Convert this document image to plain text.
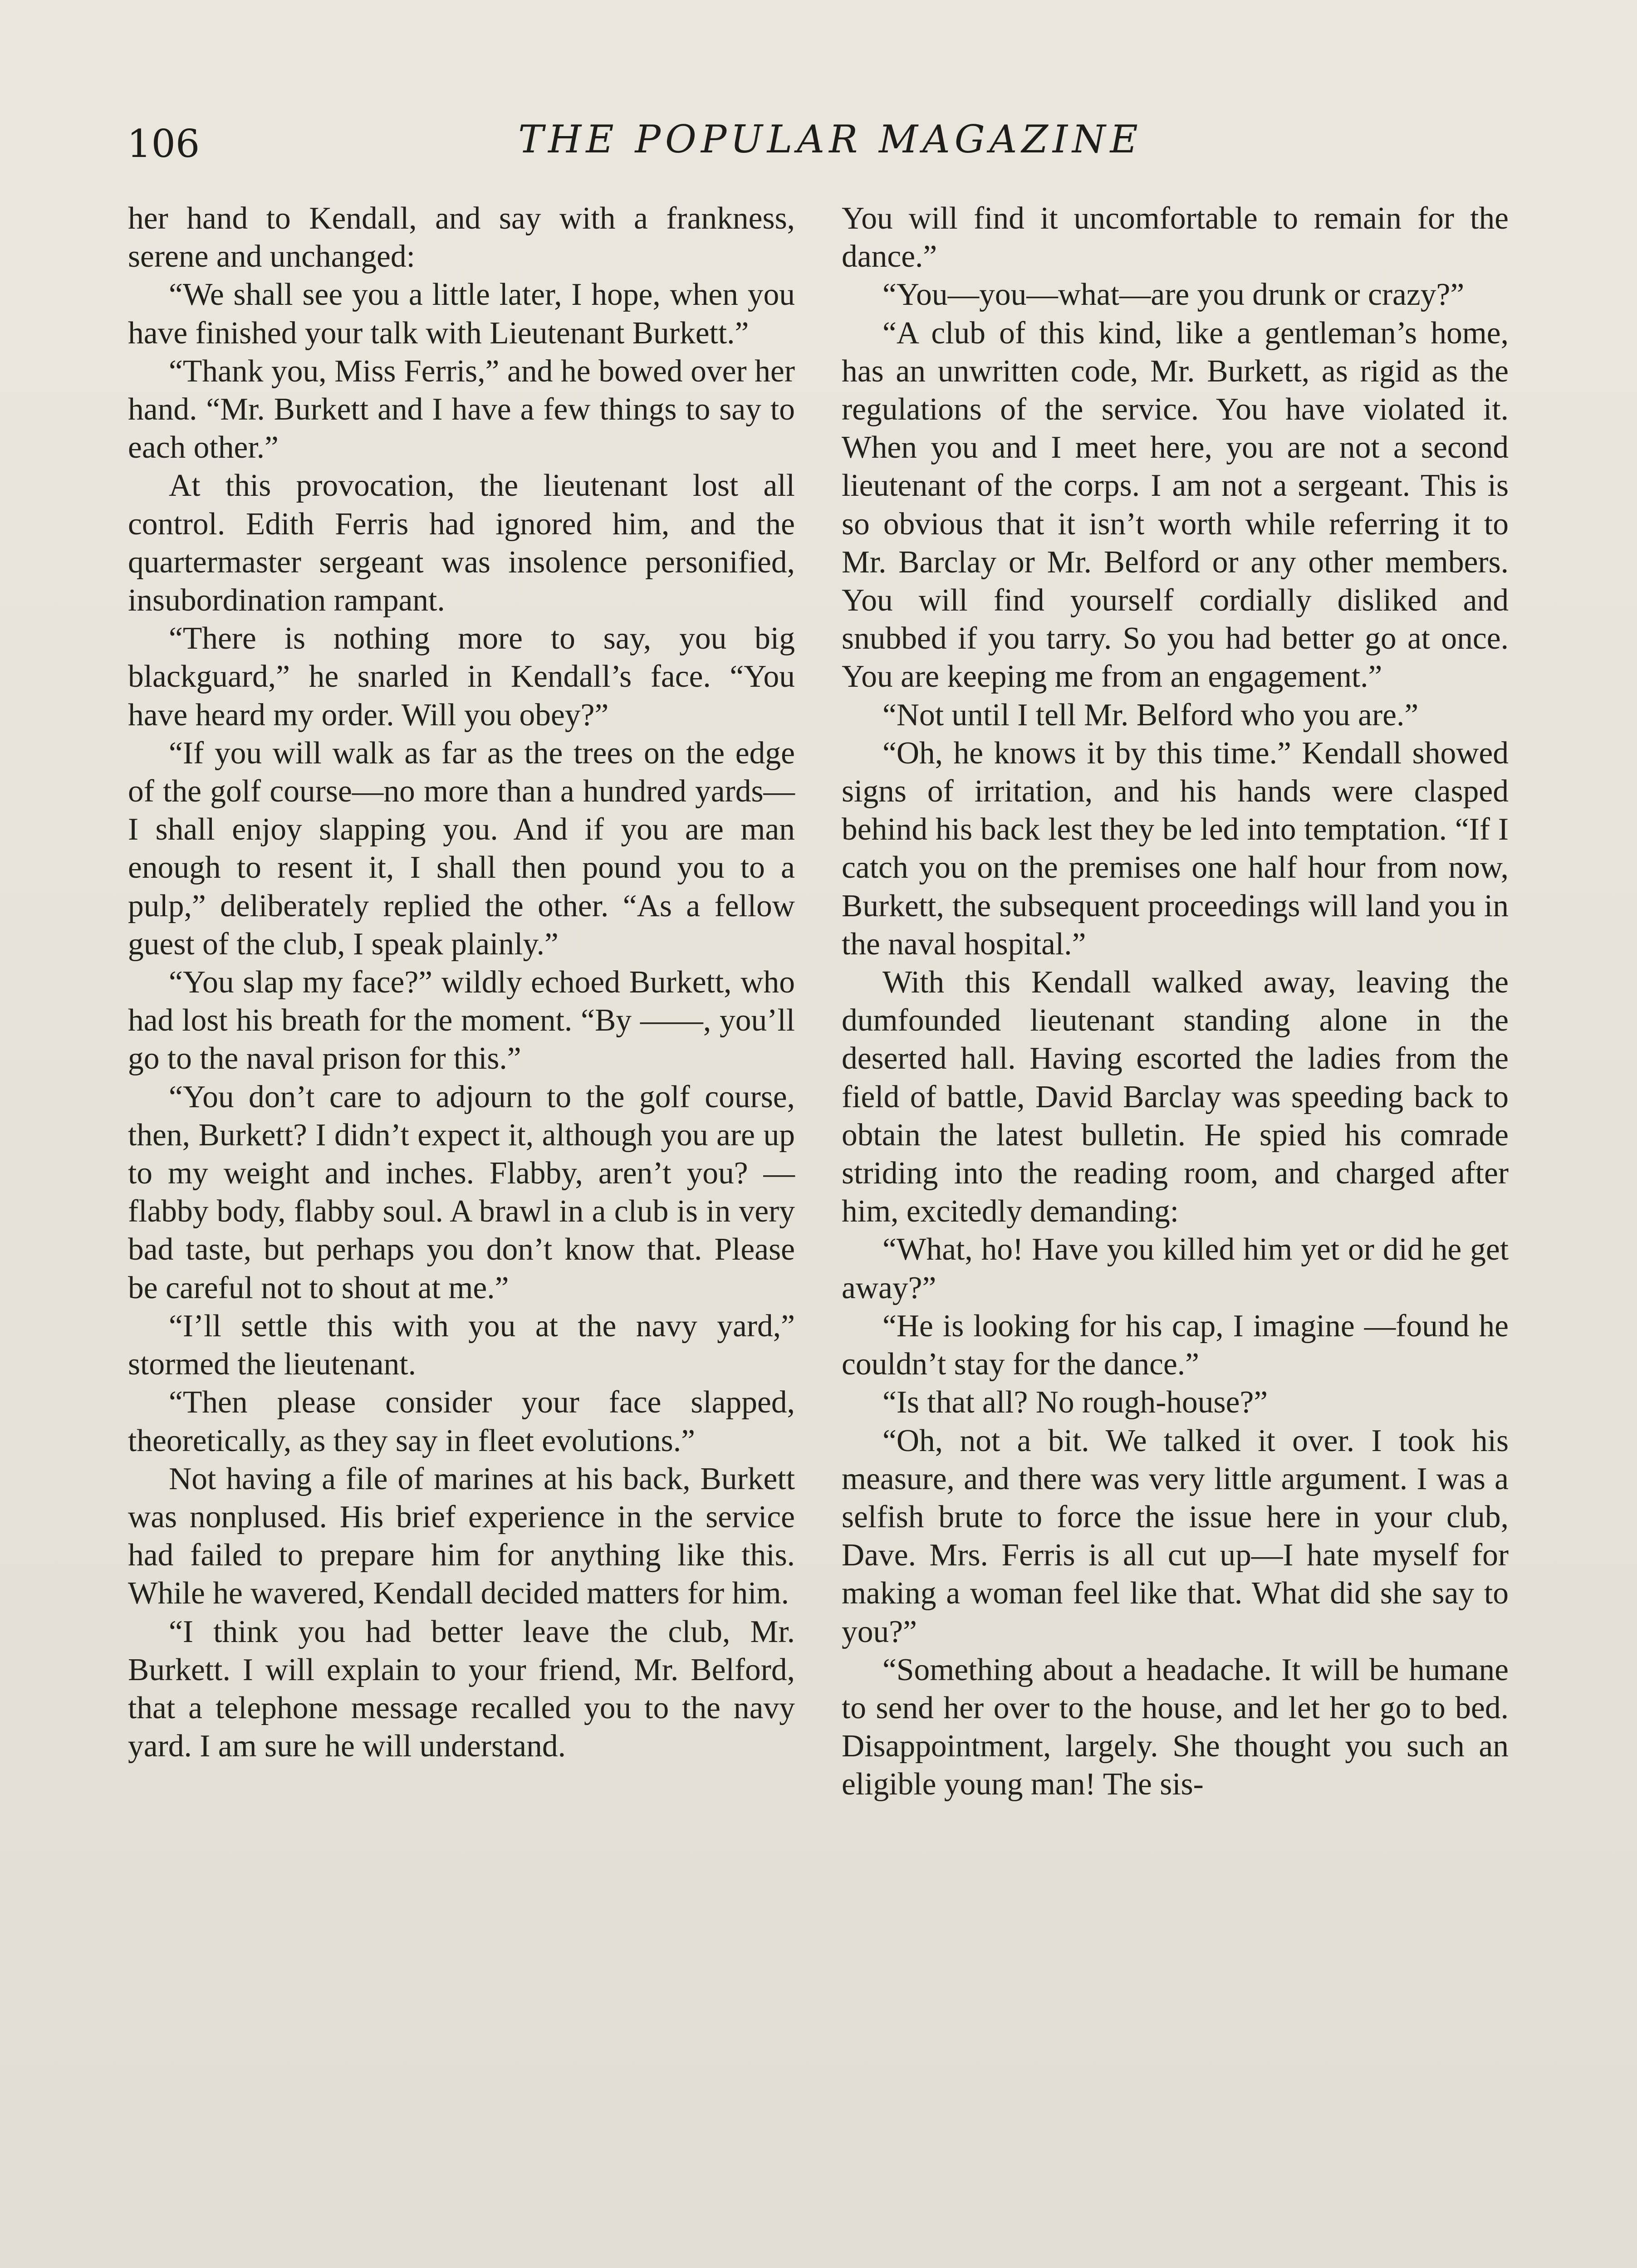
106	THE POPULAR MAGAZINE

her hand to Kendall, and say with a frankness, serene and unchanged:

“We shall see you a little later, I hope, when you have finished your talk with Lieutenant Burkett.”

“Thank you, Miss Ferris,” and he bowed over her hand. “Mr. Burkett and I have a few things to say to each other.”

At this provocation, the lieutenant lost all control. Edith Ferris had ignored him, and the quartermaster sergeant was insolence personified, insubordination rampant.

“There is nothing more to say, you big blackguard,” he snarled in Kendall’s face. “You have heard my order. Will you obey?”

“If you will walk as far as the trees on the edge of the golf course—no more than a hundred yards—I shall enjoy slapping you. And if you are man enough to resent it, I shall then pound you to a pulp,” deliberately replied the other. “As a fellow guest of the club, I speak plainly.”

“You slap my face?” wildly echoed Burkett, who had lost his breath for the moment. “By ——, you’ll go to the naval prison for this.”

“You don’t care to adjourn to the golf course, then, Burkett? I didn’t expect it, although you are up to my weight and inches. Flabby, aren’t you? —flabby body, flabby soul. A brawl in a club is in very bad taste, but perhaps you don’t know that. Please be careful not to shout at me.”

“I’ll settle this with you at the navy yard,” stormed the lieutenant.

“Then please consider your face slapped, theoretically, as they say in fleet evolutions.”

Not having a file of marines at his back, Burkett was nonplused. His brief experience in the service had failed to prepare him for anything like this. While he wavered, Kendall decided matters for him.

“I think you had better leave the club, Mr. Burkett. I will explain to your friend, Mr. Belford, that a telephone message recalled you to the navy yard. I am sure he will understand.

You will find it uncomfortable to remain for the dance.”

“You—you—what—are you drunk or crazy?”

“A club of this kind, like a gentleman’s home, has an unwritten code, Mr. Burkett, as rigid as the regulations of the service. You have violated it. When you and I meet here, you are not a second lieutenant of the corps. I am not a sergeant. This is so obvious that it isn’t worth while referring it to Mr. Barclay or Mr. Belford or any other members. You will find yourself cordially disliked and snubbed if you tarry. So you had better go at once. You are keeping me from an engagement.”

“Not until I tell Mr. Belford who you are.”

“Oh, he knows it by this time.” Kendall showed signs of irritation, and his hands were clasped behind his back lest they be led into temptation. “If I catch you on the premises one half hour from now, Burkett, the subsequent proceedings will land you in the naval hospital.”

With this Kendall walked away, leaving the dumfounded lieutenant standing alone in the deserted hall. Having escorted the ladies from the field of battle, David Barclay was speeding back to obtain the latest bulletin. He spied his comrade striding into the reading room, and charged after him, excitedly demanding:

“What, ho! Have you killed him yet or did he get away?”

“He is looking for his cap, I imagine —found he couldn’t stay for the dance.”

“Is that all? No rough-house?”

“Oh, not a bit. We talked it over. I took his measure, and there was very little argument. I was a selfish brute to force the issue here in your club, Dave. Mrs. Ferris is all cut up—I hate myself for making a woman feel like that. What did she say to you?”

“Something about a headache. It will be humane to send her over to the house, and let her go to bed. Disappointment, largely. She thought you such an eligible young man! The sis-
